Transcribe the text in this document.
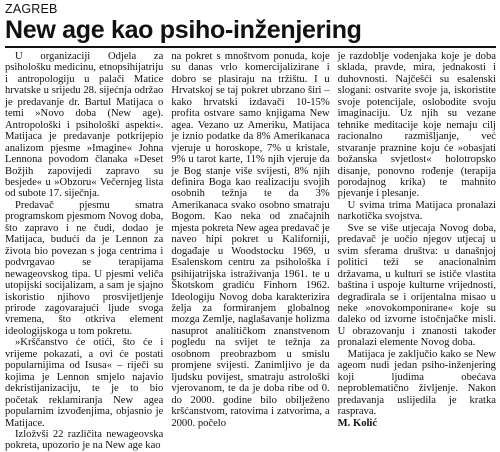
ZAGREB
New age kao psiho-inženjering

U organizaciji Odjela za psihološku medicinu, etnopsihijatriju i antropologiju u palači Matice hrvatske u srijedu 28. sijećnja održao je predavanje dr. Bartul Matijaca o temi »Novo doba (New age). Antropološki i psihološki aspekti«. Matijaca je predavanje potkrijepio analizom pjesme »Imagine« Johna Lennona povodom članaka »Deset Božjih zapovijedi zapravo su besjede« u »Obzoru« Večernjeg lista od subote 17. siječnja.

Predavač pjesmu smatra programskom pjesmom Novog doba, što zapravo i ne čudi, dodao je Matijaca, budući da je Lennon za života bio povezan s joga centrima i podvrgavao se terapijama newageovskog tipa. U pjesmi veliča utopijski socijalizam, a sam je sjajno iskoristio njihovo prosvijetljenje prirode zagovarajući ljude svoga vremena, što otkriva element ideologijskoga u tom pokretu.

»Krščanstvo će otići, što će i vrijeme pokazati, a ovi će postati popularnijima od Isusa« – riječi su kojima je Lennon smjelo najavio dekristijanizaciju, te je to bio početak reklamiranja New agea popularnim izvođenjima, objasnio je Matijace.

Izložvši 22 različita newageovska pokreta, upozorio je na New age kao

na pokret s mnoštvom ponuda, koje su danas vrlo komercijalizirane i dobro se plasiraju na tržištu. I u Hrvatskoj se taj pokret ubrzano širi – kako hrvatski izdavači 10-15% profita ostvare samo knjigama New agea. Vezano uz Ameriku, Matijaca je iznio podatke da 8% Amerikanaca vjeruje u horoskope, 7% u kristale, 9% u tarot karte, 11% njih vjeruje da je Bog stanje više svijesti, 8% njih definira Boga kao realizaciju svojih osobnih težnja te da 3% Amerikanaca svako osobno smatraju Bogom. Kao neka od značajnih mjesta pokreta New agea predavač je naveo hipi pokret u Kaliforniji, događaje u Woodstocku 1969, u Esalenskom centru za psihološka i psihijatrijska istraživanja 1961. te u Škotskom gradiću Finhorn 1962. Ideologiju Novog doba karakterizira želja za formiranjem globalnog mozga Zemlje, naglašavanje holizma nasuprot analitičkom znanstvenom pogledu na svijet te težnja za osobnom preobrazbom u smislu promjene svijesti. Zanimljivo je da ljudsku povijest, smatraju astrološki vjerovanom, te da je doba ribe od 0. do 2000. godine bilo obilježeno kršćanstvom, ratovima i zatvorima, a 2000. počelo

je razdoblje vodenjaka koje je doba sklada, pravde, mira, jednakosti i duhovnosti. Najčešći su esalenski slogani: ostvarite svoje ja, iskoristite svoje potencijale, oslobodite svoju imaginaciju. Uz njih su vezane tehnike meditacije koje nemaju cilj racionalno razmišljanje, već stvaranje praznine koju će »obasjati božanska svjetlost« holotropsko disanje, ponovno rođenje (terapija porodajnog krika) te mahnito pjevanje i plesanje.

U svima trima Matijaca pronalazi narkotička svojstva.

Sve se više utjecaja Novog doba, predavač je uočio njegov utjecaj u svim sferama društva: u današnjoj politici teži se anacionalnim državama, u kulturi se ističe vlastita baština i uspoje kulturne vrijednosti, degradirala se i orijentalna misao u neke »novokomponirane« koje su daleko od izvorne istočnjačke misli. U obrazovanju i znanosti također pronalazi elemente Novog doba.

Matijaca je zaključio kako se New ageom nudi jedan psiho-inženjering koji ljudima obećava neproblematično življenje. Nakon predavanja uslijedila je kratka rasprava.

M. Kolić
